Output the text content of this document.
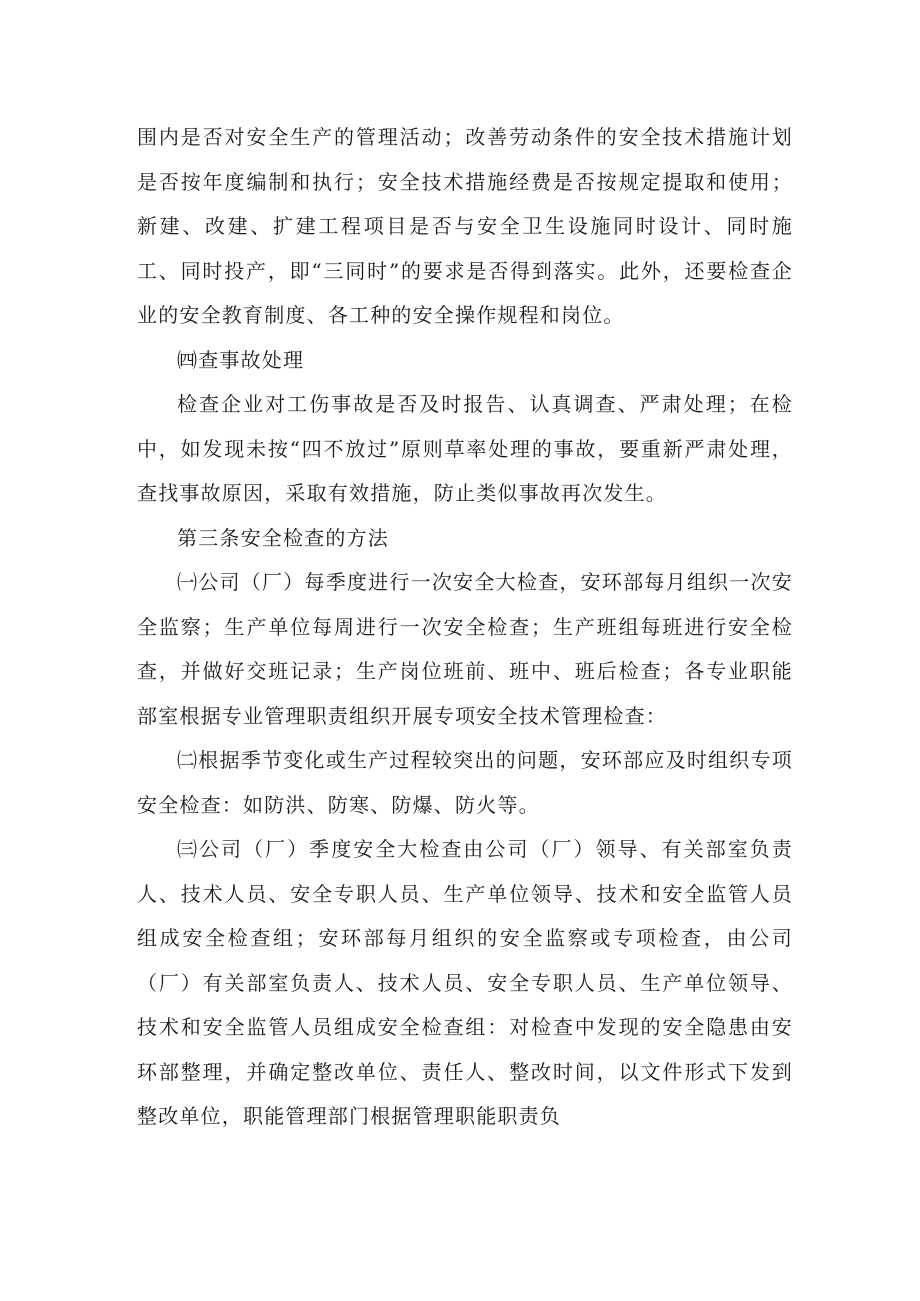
围内是否对安全生产的管理活动；改善劳动条件的安全技术措施计划是否按年度编制和执行；安全技术措施经费是否按规定提取和使用；新建、改建、扩建工程项目是否与安全卫生设施同时设计、同时施工、同时投产，即“三同时”的要求是否得到落实。此外，还要检查企业的安全教育制度、各工种的安全操作规程和岗位。

㈣查事故处理

检查企业对工伤事故是否及时报告、认真调查、严肃处理；在检中，如发现未按“四不放过”原则草率处理的事故，要重新严肃处理，查找事故原因，采取有效措施，防止类似事故再次发生。

第三条安全检查的方法

㈠公司（厂）每季度进行一次安全大检查，安环部每月组织一次安全监察；生产单位每周进行一次安全检查；生产班组每班进行安全检查，并做好交班记录；生产岗位班前、班中、班后检查；各专业职能部室根据专业管理职责组织开展专项安全技术管理检查：

㈡根据季节变化或生产过程较突出的问题，安环部应及时组织专项安全检查：如防洪、防寒、防爆、防火等。

㈢公司（厂）季度安全大检查由公司（厂）领导、有关部室负责人、技术人员、安全专职人员、生产单位领导、技术和安全监管人员组成安全检查组；安环部每月组织的安全监察或专项检查，由公司（厂）有关部室负责人、技术人员、安全专职人员、生产单位领导、技术和安全监管人员组成安全检查组：对检查中发现的安全隐患由安环部整理，并确定整改单位、责任人、整改时间，以文件形式下发到整改单位，职能管理部门根据管理职能职责负
